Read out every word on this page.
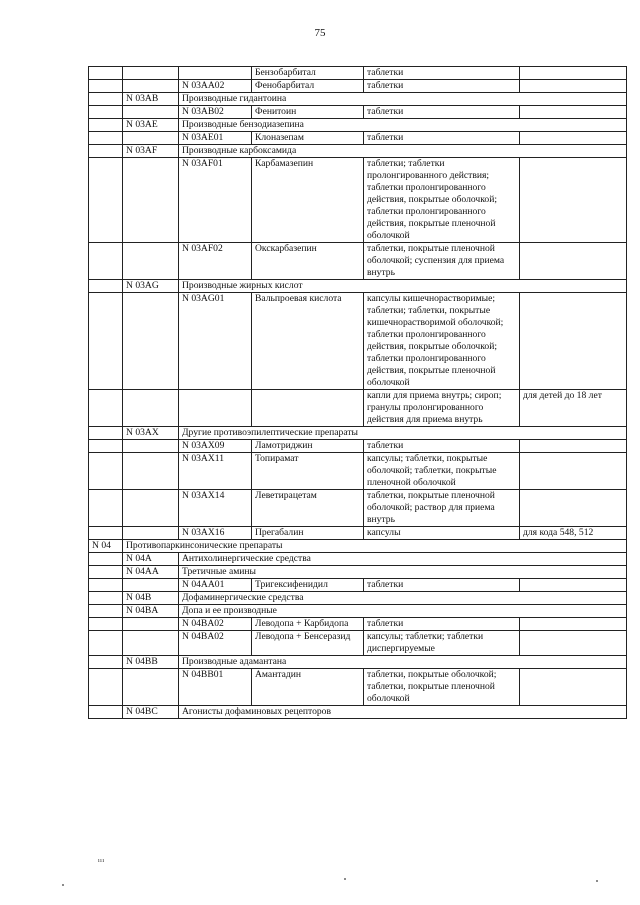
75
			Бензобарбитал	таблетки	
		N 03AA02	Фенобарбитал	таблетки	
	N 03AB	Производные гидантоина			
		N 03AB02	Фенитоин	таблетки	
	N 03AE	Производные бензодиазепина			
		N 03AE01	Клоназепам	таблетки	
	N 03AF	Производные карбоксамида			
		N 03AF01	Карбамазепин	таблетки; таблетки пролонгированного действия; таблетки пролонгированного действия, покрытые оболочкой; таблетки пролонгированного действия, покрытые пленочной оболочкой	
		N 03AF02	Окскарбазепин	таблетки, покрытые пленочной оболочкой; суспензия для приема внутрь	
	N 03AG	Производные жирных кислот			
		N 03AG01	Вальпроевая кислота	капсулы кишечнорастворимые; таблетки; таблетки, покрытые кишечнорастворимой оболочкой; таблетки пролонгированного действия, покрытые оболочкой; таблетки пролонгированного действия, покрытые пленочной оболочкой	
				капли для приема внутрь; сироп; гранулы пролонгированного действия для приема внутрь	для детей до 18 лет
	N 03AX	Другие противоэпилептические препараты			
		N 03AX09	Ламотриджин	таблетки	
		N 03AX11	Топирамат	капсулы; таблетки, покрытые оболочкой; таблетки, покрытые пленочной оболочкой	
		N 03AX14	Леветирацетам	таблетки, покрытые пленочной оболочкой; раствор для приема внутрь	
		N 03AX16	Прегабалин	капсулы	для кода 548, 512
N 04	Противопаркинсонические препараты				
	N 04A	Антихолинергические средства			
	N 04AA	Третичные амины			
		N 04AA01	Тригексифенидил	таблетки	
	N 04B	Дофаминергические средства			
	N 04BA	Допа и ее производные			
		N 04BA02	Леводопа + Карбидопа	таблетки	
		N 04BA02	Леводопа + Бенсеразид	капсулы; таблетки; таблетки диспергируемые	
	N 04BB	Производные адамантана			
		N 04BB01	Амантадин	таблетки, покрытые оболочкой; таблетки, покрытые пленочной оболочкой	
	N 04BC	Агонисты дофаминовых рецепторов			
ııı
